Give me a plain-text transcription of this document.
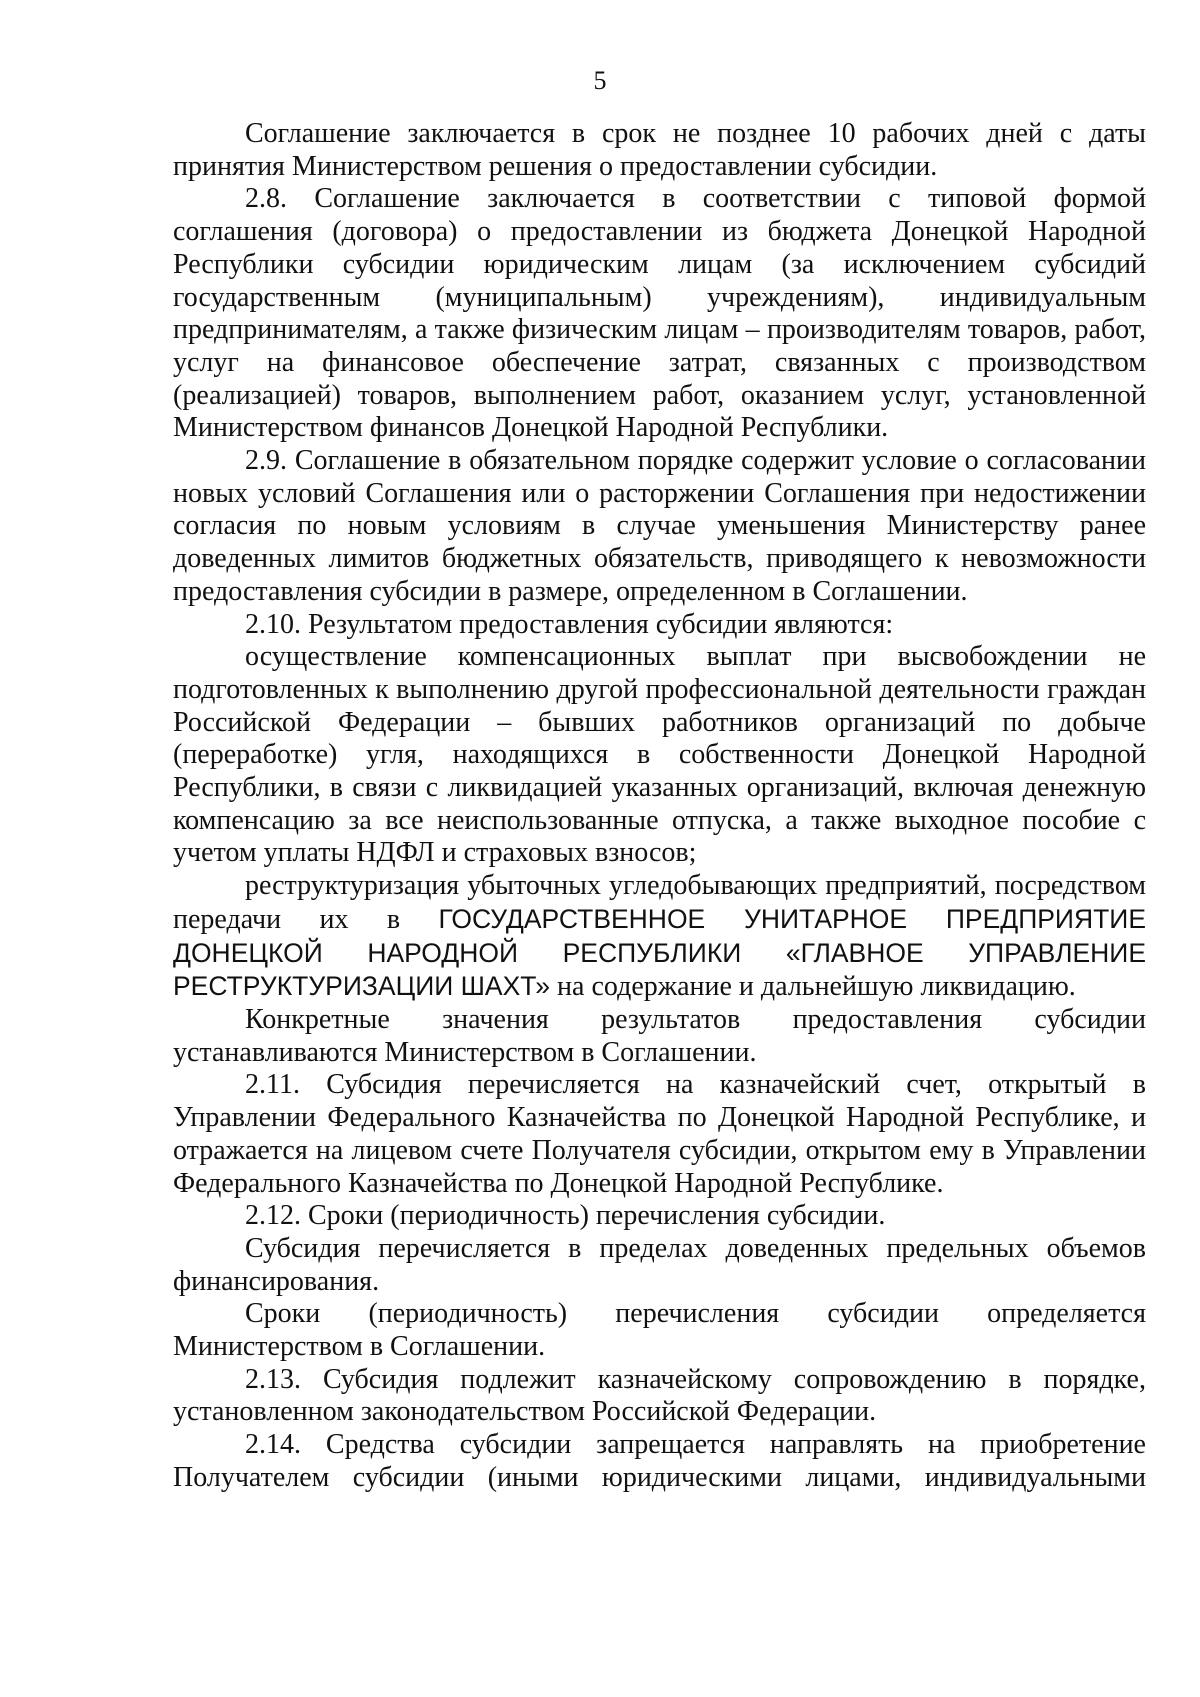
5

Соглашение заключается в срок не позднее 10 рабочих дней с даты принятия Министерством решения о предоставлении субсидии.

2.8. Соглашение заключается в соответствии с типовой формой соглашения (договора) о предоставлении из бюджета Донецкой Народной Республики субсидии юридическим лицам (за исключением субсидий государственным (муниципальным) учреждениям), индивидуальным предпринимателям, а также физическим лицам – производителям товаров, работ, услуг на финансовое обеспечение затрат, связанных с производством (реализацией) товаров, выполнением работ, оказанием услуг, установленной Министерством финансов Донецкой Народной Республики.

2.9. Соглашение в обязательном порядке содержит условие о согласовании новых условий Соглашения или о расторжении Соглашения при недостижении согласия по новым условиям в случае уменьшения Министерству ранее доведенных лимитов бюджетных обязательств, приводящего к невозможности предоставления субсидии в размере, определенном в Соглашении.

2.10. Результатом предоставления субсидии являются:

осуществление компенсационных выплат при высвобождении не подготовленных к выполнению другой профессиональной деятельности граждан Российской Федерации – бывших работников организаций по добыче (переработке) угля, находящихся в собственности Донецкой Народной Республики, в связи с ликвидацией указанных организаций, включая денежную компенсацию за все неиспользованные отпуска, а также выходное пособие с учетом уплаты НДФЛ и страховых взносов;

реструктуризация убыточных угледобывающих предприятий, посредством передачи их в ГОСУДАРСТВЕННОЕ УНИТАРНОЕ ПРЕДПРИЯТИЕ ДОНЕЦКОЙ НАРОДНОЙ РЕСПУБЛИКИ «ГЛАВНОЕ УПРАВЛЕНИЕ РЕСТРУКТУРИЗАЦИИ ШАХТ» на содержание и дальнейшую ликвидацию.

Конкретные значения результатов предоставления субсидии устанавливаются Министерством в Соглашении.

2.11. Субсидия перечисляется на казначейский счет, открытый в Управлении Федерального Казначейства по Донецкой Народной Республике, и отражается на лицевом счете Получателя субсидии, открытом ему в Управлении Федерального Казначейства по Донецкой Народной Республике.

2.12. Сроки (периодичность) перечисления субсидии.

Субсидия перечисляется в пределах доведенных предельных объемов финансирования.

Сроки (периодичность) перечисления субсидии определяется Министерством в Соглашении.

2.13. Субсидия подлежит казначейскому сопровождению в порядке, установленном законодательством Российской Федерации.

2.14. Средства субсидии запрещается направлять на приобретение Получателем субсидии (иными юридическими лицами, индивидуальными
